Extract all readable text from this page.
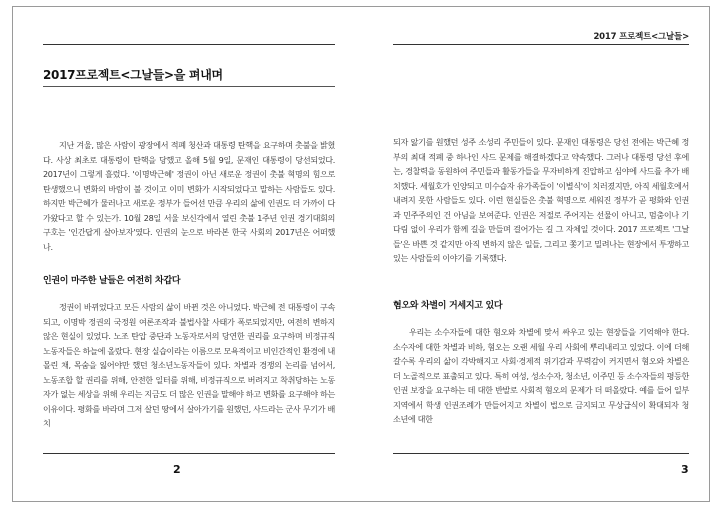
2017프로젝트<그날들>을 펴내며

지난 겨울, 많은 사람이 광장에서 적폐 청산과 대통령 탄핵을 요구하며 촛불을 밝혔다. 사상 최초로 대통령이 탄핵을 당했고 올해 5월 9일, 문재인 대통령이 당선되었다. 2017년이 그렇게 흘렀다. '이명박근혜' 정권이 아닌 새로운 정권이 촛불 혁명의 힘으로 탄생했으니 변화의 바람이 불 것이고 이미 변화가 시작되었다고 말하는 사람들도 있다. 하지만 박근혜가 물러나고 새로운 정부가 들어선 만큼 우리의 삶에 인권도 더 가까이 다가왔다고 할 수 있는가. 10월 28일 서울 보신각에서 열린 촛불 1주년 인권 경기대회의 구호는 '인간답게 살아보자'였다. 인권의 눈으로 바라본 한국 사회의 2017년은 어떠했나.

인권이 마주한 날들은 여전히 차갑다

정권이 바뀌었다고 모든 사람의 삶이 바뀐 것은 아니었다. 박근혜 전 대통령이 구속되고, 이명박 정권의 국정원 여론조작과 불법사찰 사태가 폭로되었지만, 여전히 변하지 않은 현실이 있었다. 노조 탄압 중단과 노동자로서의 당연한 권리를 요구하며 비정규직 노동자들은 하늘에 올랐다. 현장 실습이라는 이름으로 모욕적이고 비인간적인 환경에 내몰린 채, 목숨을 잃어야만 했던 청소년노동자들이 있다. 차별과 경쟁의 논리를 넘어서, 노동조합 할 권리를 위해, 안전한 일터를 위해, 비정규직으로 버려지고 착취당하는 노동자가 없는 세상을 위해 우리는 지금도 더 많은 인권을 말해야 하고 변화를 요구해야 하는 이유이다. 평화를 바라며 그저 살던 땅에서 살아가기를 원했던, 사드라는 군사 무기가 배치

2
2017 프로젝트<그날들>

되자 앓기를 원했던 성주 소성리 주민들이 있다. 문재인 대통령은 당선 전에는 박근혜 정부의 최대 적폐 중 하나인 사드 문제를 해결하겠다고 약속했다. 그러나 대통령 당선 후에는, 경찰력을 동원하여 주민들과 활동가들을 무자비하게 진압하고 심야에 사드를 추가 배치했다. 세월호가 인양되고 미수습자 유가족들이 '이별식'이 치러졌지만, 아직 세월호에서 내려지 못한 사람들도 있다. 이런 현실들은 촛불 혁명으로 세워진 정부가 곧 평화와 인권과 민주주의인 건 아님을 보여준다. 인권은 저절로 주어지는 선물이 아니고, 멈춤이나 기다림 없이 우리가 함께 길을 만들며 걸어가는 길 그 자체일 것이다. 2017 프로젝트 '그날들'은 바쁜 것 같지만 아직 변하지 않은 일들, 그리고 쫓기고 밀려나는 현장에서 투쟁하고 있는 사람들의 이야기를 기록했다.

혐오와 차별이 거세지고 있다

우리는 소수자들에 대한 혐오와 차별에 맞서 싸우고 있는 현장들을 기억해야 한다. 소수자에 대한 차별과 비하, 혐오는 오랜 세월 우리 사회에 뿌리내리고 있었다. 이에 더해 갈수록 우리의 삶이 각박해지고 사회·경제적 위기감과 무력감이 커지면서 혐오와 차별은 더 노골적으로 표출되고 있다. 특히 여성, 성소수자, 청소년, 이주민 등 소수자들의 평등한 인권 보장을 요구하는 데 대한 반발로 사회적 혐오의 문제가 더 떠올랐다. 예를 들어 일부 지역에서 학생 인권조례가 만들어지고 차별이 법으로 금지되고 무상급식이 확대되자 청소년에 대한

3
